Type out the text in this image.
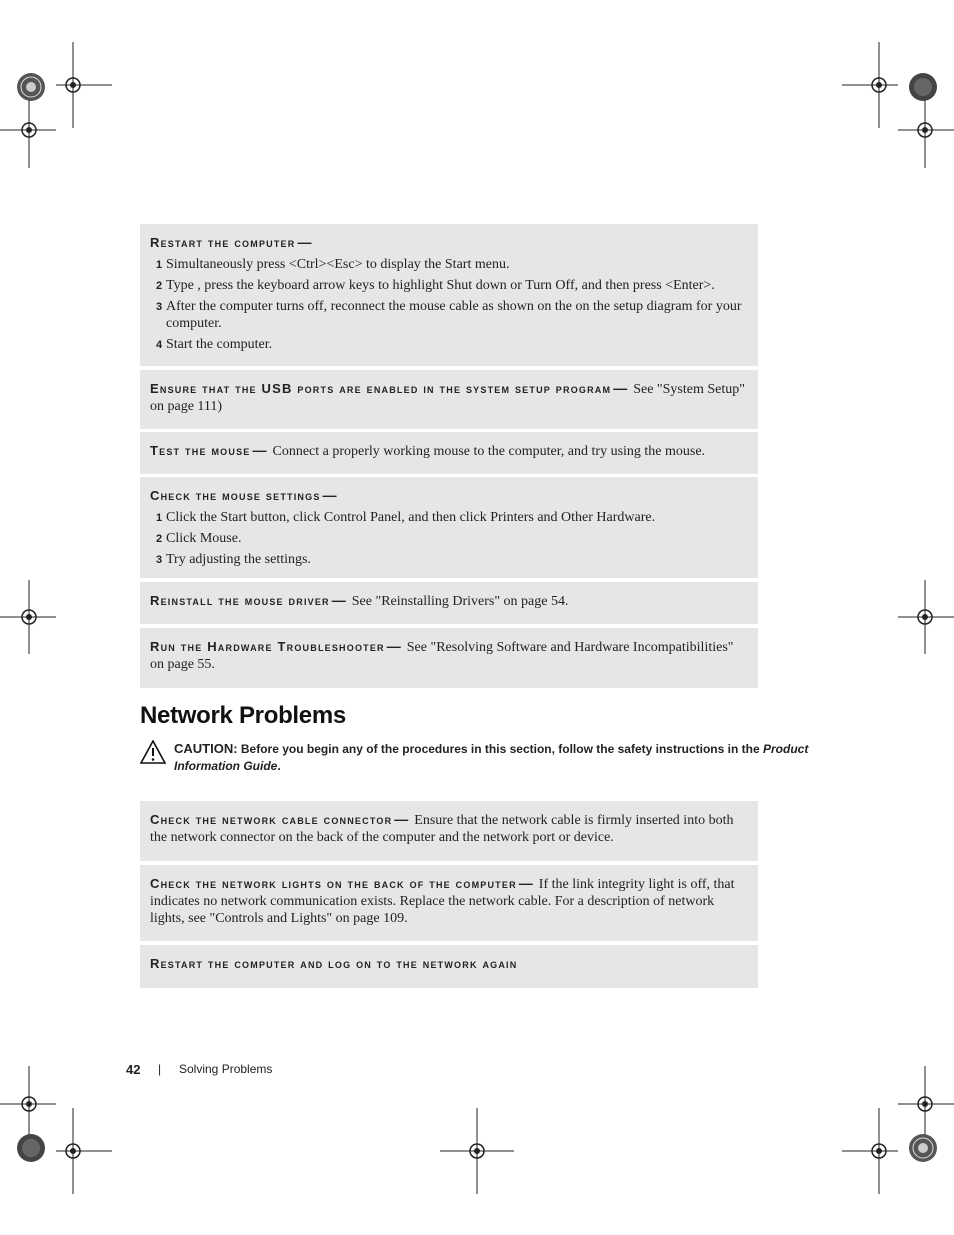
Restart the computer —
1 Simultaneously press <Ctrl><Esc> to display the Start menu.
2 Type , press the keyboard arrow keys to highlight Shut down or Turn Off, and then press <Enter>.
3 After the computer turns off, reconnect the mouse cable as shown on the on the setup diagram for your computer.
4 Start the computer.
Ensure that the USB ports are enabled in the system setup program — See "System Setup" on page 111)
Test the mouse — Connect a properly working mouse to the computer, and try using the mouse.
Check the mouse settings —
1 Click the Start button, click Control Panel, and then click Printers and Other Hardware.
2 Click Mouse.
3 Try adjusting the settings.
Reinstall the mouse driver — See "Reinstalling Drivers" on page 54.
Run the Hardware Troubleshooter — See "Resolving Software and Hardware Incompatibilities" on page 55.
Network Problems
CAUTION: Before you begin any of the procedures in this section, follow the safety instructions in the Product Information Guide.
Check the network cable connector — Ensure that the network cable is firmly inserted into both the network connector on the back of the computer and the network port or device.
Check the network lights on the back of the computer — If the link integrity light is off, that indicates no network communication exists. Replace the network cable. For a description of network lights, see "Controls and Lights" on page 109.
Restart the computer and log on to the network again
42 | Solving Problems
